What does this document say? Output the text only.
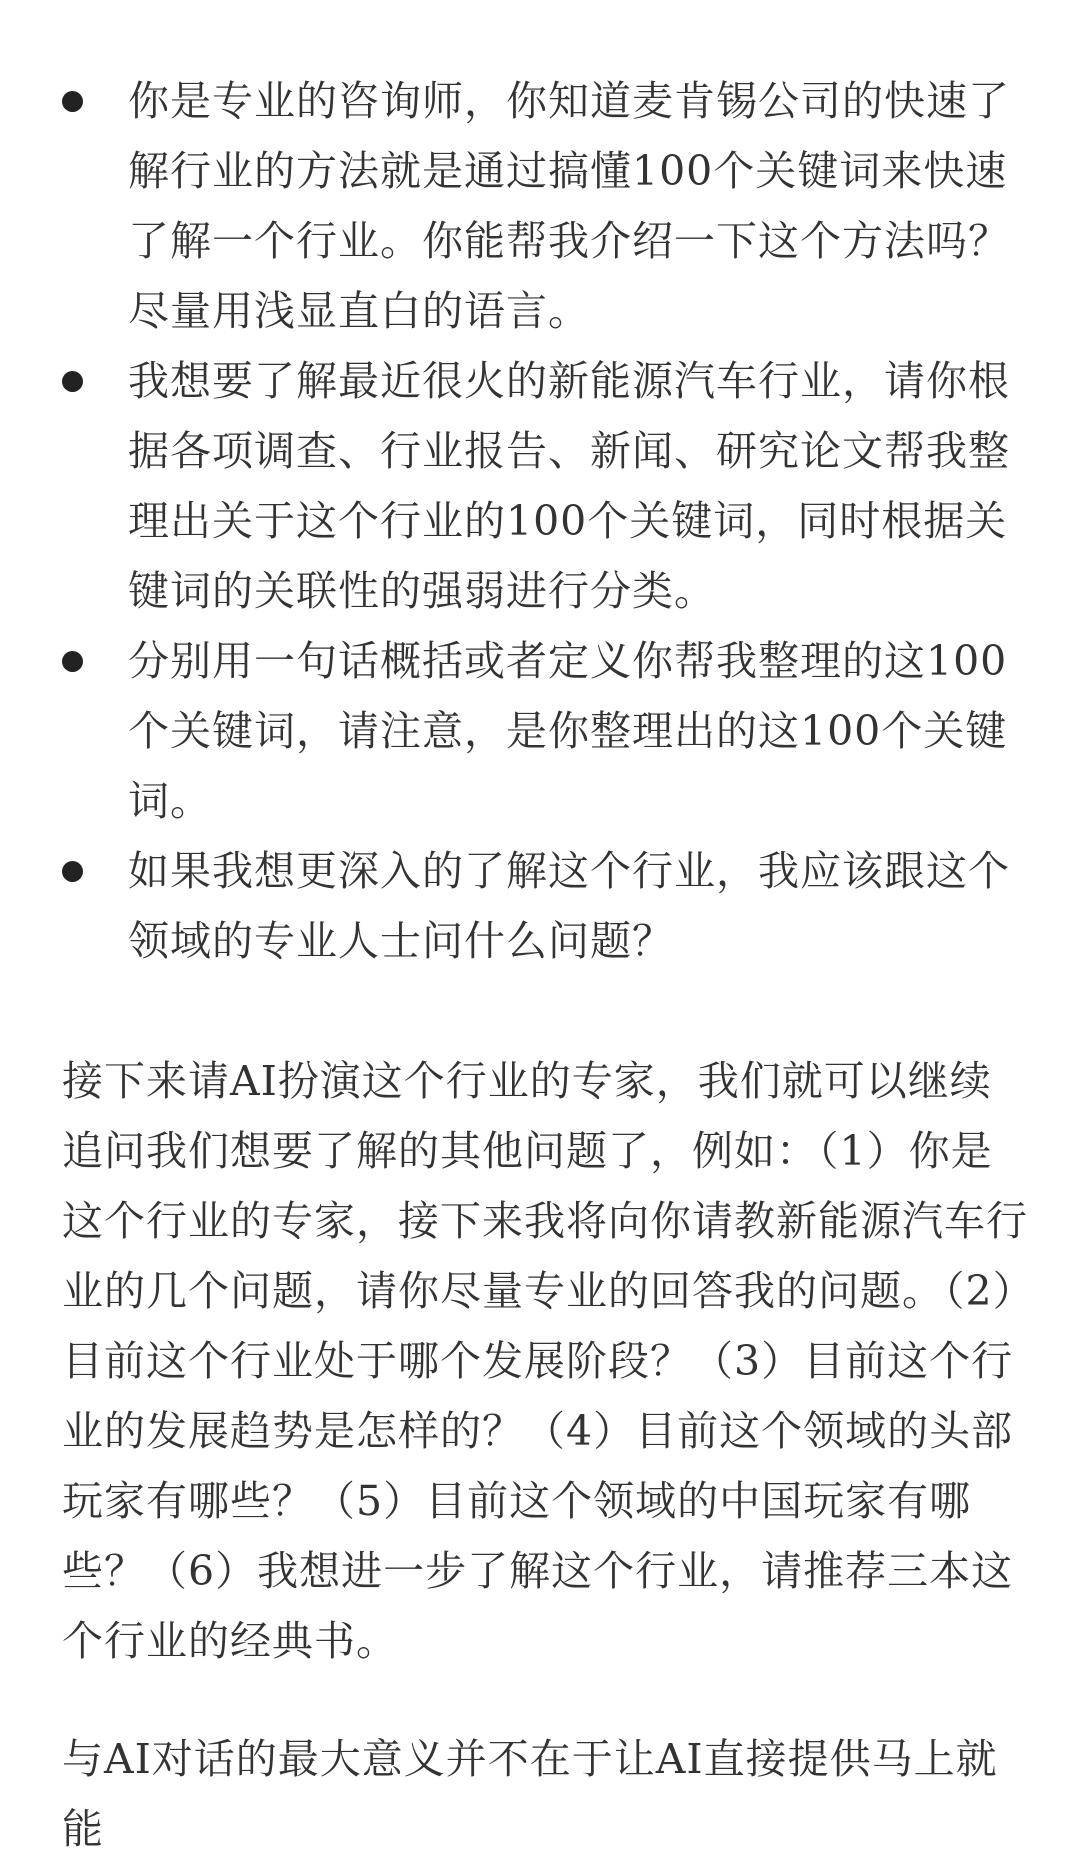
你是专业的咨询师，你知道麦肯锡公司的快速了解行业的方法就是通过搞懂100个关键词来快速了解一个行业。你能帮我介绍一下这个方法吗？尽量用浅显直白的语言。
我想要了解最近很火的新能源汽车行业，请你根据各项调查、行业报告、新闻、研究论文帮我整理出关于这个行业的100个关键词，同时根据关键词的关联性的强弱进行分类。
分别用一句话概括或者定义你帮我整理的这100个关键词，请注意，是你整理出的这100个关键词。
如果我想更深入的了解这个行业，我应该跟这个领域的专业人士问什么问题？

接下来请AI扮演这个行业的专家，我们就可以继续追问我们想要了解的其他问题了，例如：（1）你是这个行业的专家，接下来我将向你请教新能源汽车行业的几个问题，请你尽量专业的回答我的问题。（2）目前这个行业处于哪个发展阶段？（3）目前这个行业的发展趋势是怎样的？（4）目前这个领域的头部玩家有哪些？（5）目前这个领域的中国玩家有哪些？（6）我想进一步了解这个行业，请推荐三本这个行业的经典书。

与AI对话的最大意义并不在于让AI直接提供马上就能
